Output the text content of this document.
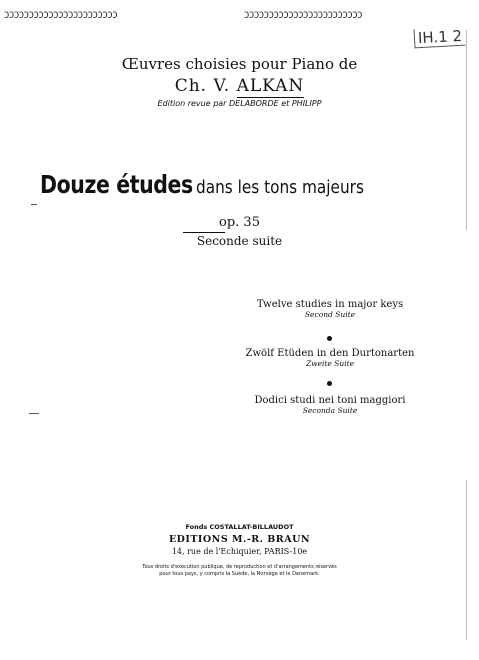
ƆƆƆƆƆƆƆƆƆƆƆƆƆƆƆƆƆƆƆƆƆƆƆ	ƆƆƆƆƆƆƆƆƆƆƆƆƆƆƆƆƆƆƆƆƆƆƆƆ
IH.1 2
Œuvres choisies pour Piano de
Ch. V. ALKAN
Edition revue par DELABORDE et PHILIPP
Douze études dans les tons majeurs
op. 35
Seconde suite
Twelve studies in major keys
Second Suite
Zwölf Etüden in den Durtonarten
Zweite Suite
Dodici studi nei toni maggiori
Seconda Suite
Fonds COSTALLAT-BILLAUDOT
EDITIONS M.-R. BRAUN
14, rue de l'Echiquier, PARIS-10e
Tous droits d'exécution publique, de reproduction et d'arrangements réservés
pour tous pays, y compris la Suède, la Norvège et le Danemark.
